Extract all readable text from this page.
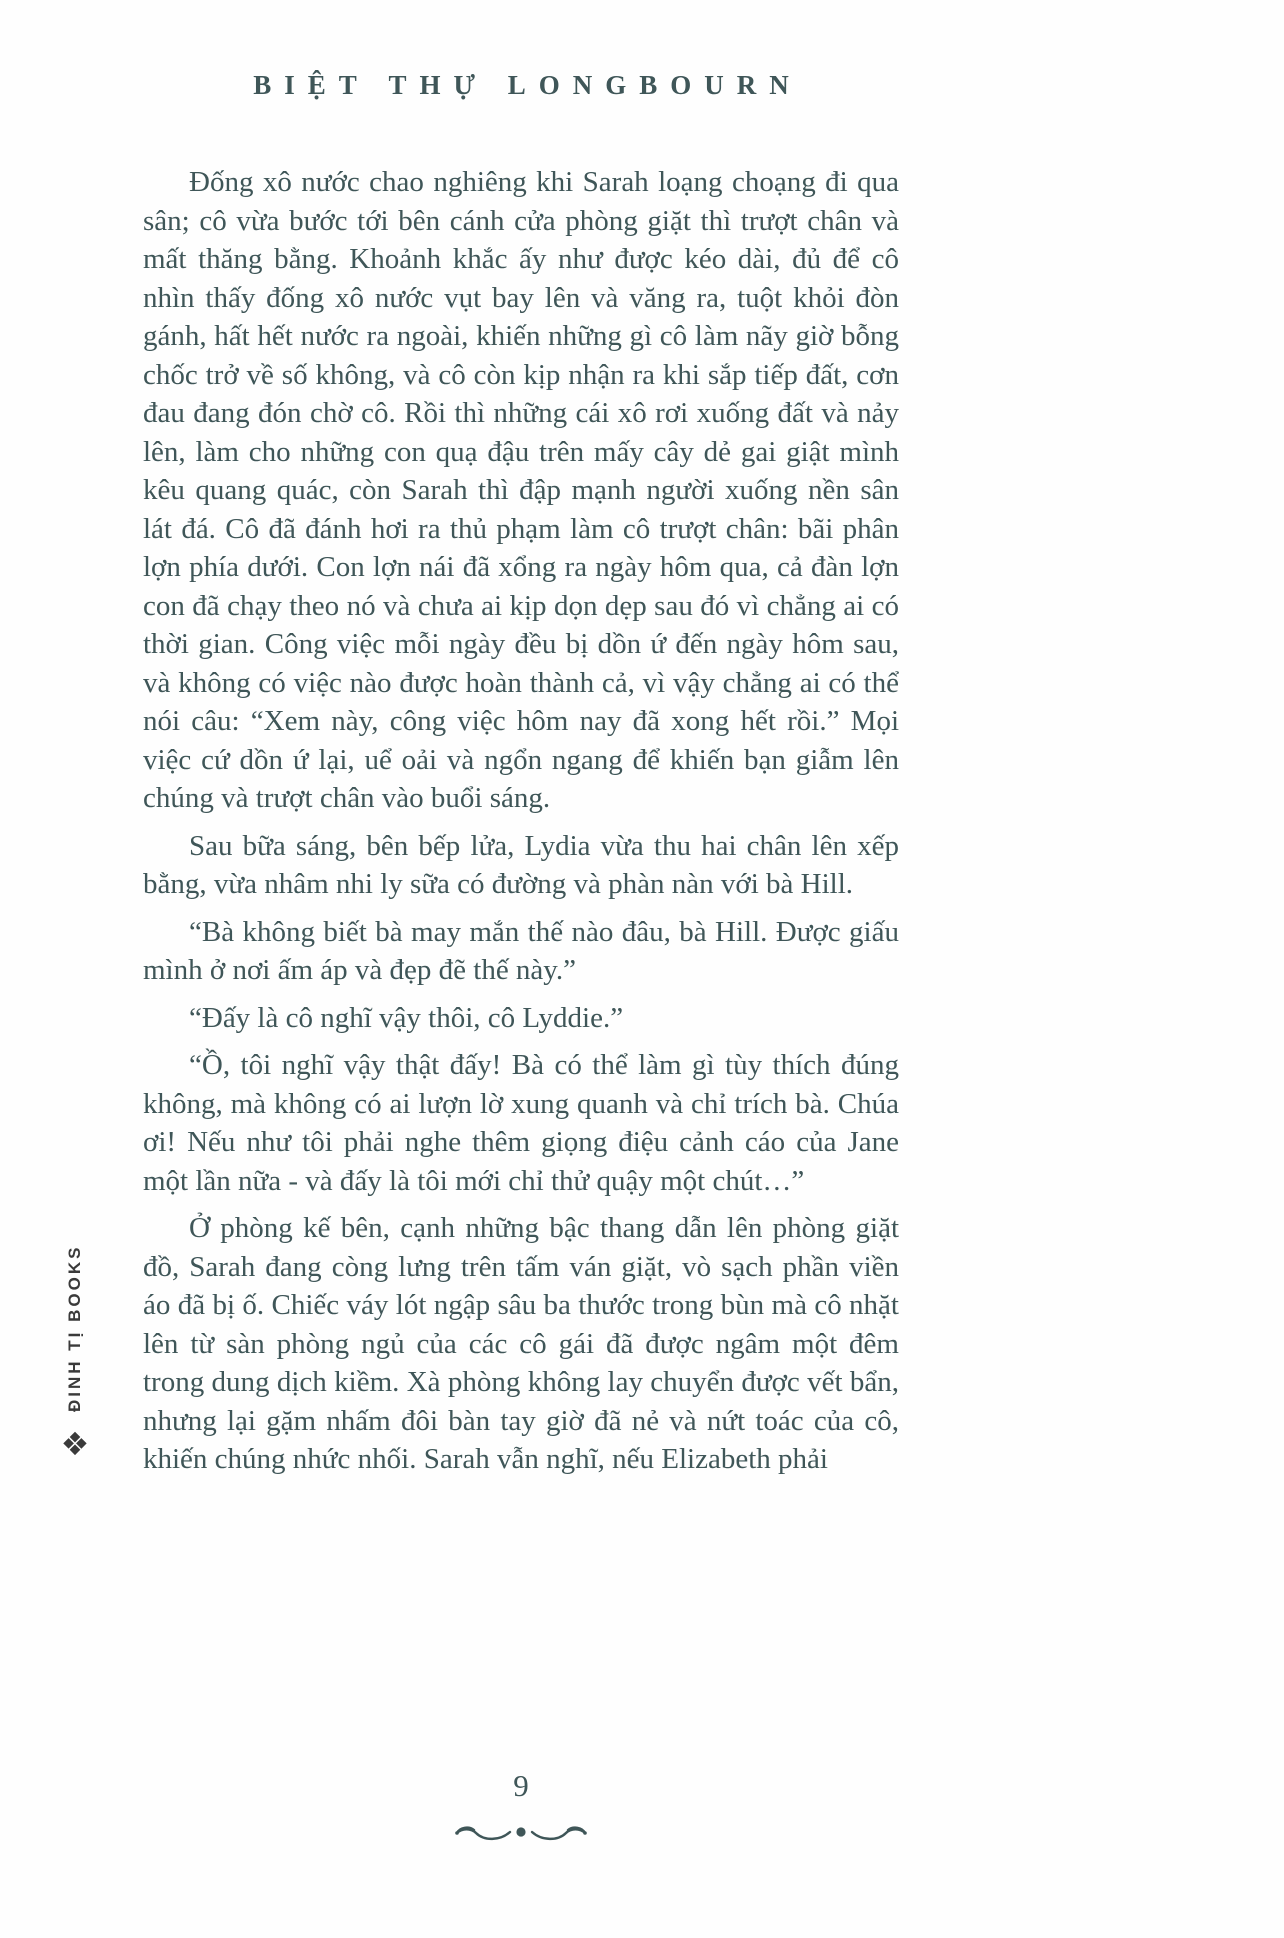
BIỆT THỰ LONGBOURN

Đống xô nước chao nghiêng khi Sarah loạng choạng đi qua sân; cô vừa bước tới bên cánh cửa phòng giặt thì trượt chân và mất thăng bằng. Khoảnh khắc ấy như được kéo dài, đủ để cô nhìn thấy đống xô nước vụt bay lên và văng ra, tuột khỏi đòn gánh, hất hết nước ra ngoài, khiến những gì cô làm nãy giờ bỗng chốc trở về số không, và cô còn kịp nhận ra khi sắp tiếp đất, cơn đau đang đón chờ cô. Rồi thì những cái xô rơi xuống đất và nảy lên, làm cho những con quạ đậu trên mấy cây dẻ gai giật mình kêu quang quác, còn Sarah thì đập mạnh người xuống nền sân lát đá. Cô đã đánh hơi ra thủ phạm làm cô trượt chân: bãi phân lợn phía dưới. Con lợn nái đã xổng ra ngày hôm qua, cả đàn lợn con đã chạy theo nó và chưa ai kịp dọn dẹp sau đó vì chẳng ai có thời gian. Công việc mỗi ngày đều bị dồn ứ đến ngày hôm sau, và không có việc nào được hoàn thành cả, vì vậy chẳng ai có thể nói câu: “Xem này, công việc hôm nay đã xong hết rồi.” Mọi việc cứ dồn ứ lại, uể oải và ngổn ngang để khiến bạn giẫm lên chúng và trượt chân vào buổi sáng.

Sau bữa sáng, bên bếp lửa, Lydia vừa thu hai chân lên xếp bằng, vừa nhâm nhi ly sữa có đường và phàn nàn với bà Hill.

“Bà không biết bà may mắn thế nào đâu, bà Hill. Được giấu mình ở nơi ấm áp và đẹp đẽ thế này.”

“Đấy là cô nghĩ vậy thôi, cô Lyddie.”

“Ồ, tôi nghĩ vậy thật đấy! Bà có thể làm gì tùy thích đúng không, mà không có ai lượn lờ xung quanh và chỉ trích bà. Chúa ơi! Nếu như tôi phải nghe thêm giọng điệu cảnh cáo của Jane một lần nữa - và đấy là tôi mới chỉ thử quậy một chút…”

Ở phòng kế bên, cạnh những bậc thang dẫn lên phòng giặt đồ, Sarah đang còng lưng trên tấm ván giặt, vò sạch phần viền áo đã bị ố. Chiếc váy lót ngập sâu ba thước trong bùn mà cô nhặt lên từ sàn phòng ngủ của các cô gái đã được ngâm một đêm trong dung dịch kiềm. Xà phòng không lay chuyển được vết bẩn, nhưng lại gặm nhấm đôi bàn tay giờ đã nẻ và nứt toác của cô, khiến chúng nhức nhối. Sarah vẫn nghĩ, nếu Elizabeth phải

ĐINH TỊ BOOKS
❖
9
